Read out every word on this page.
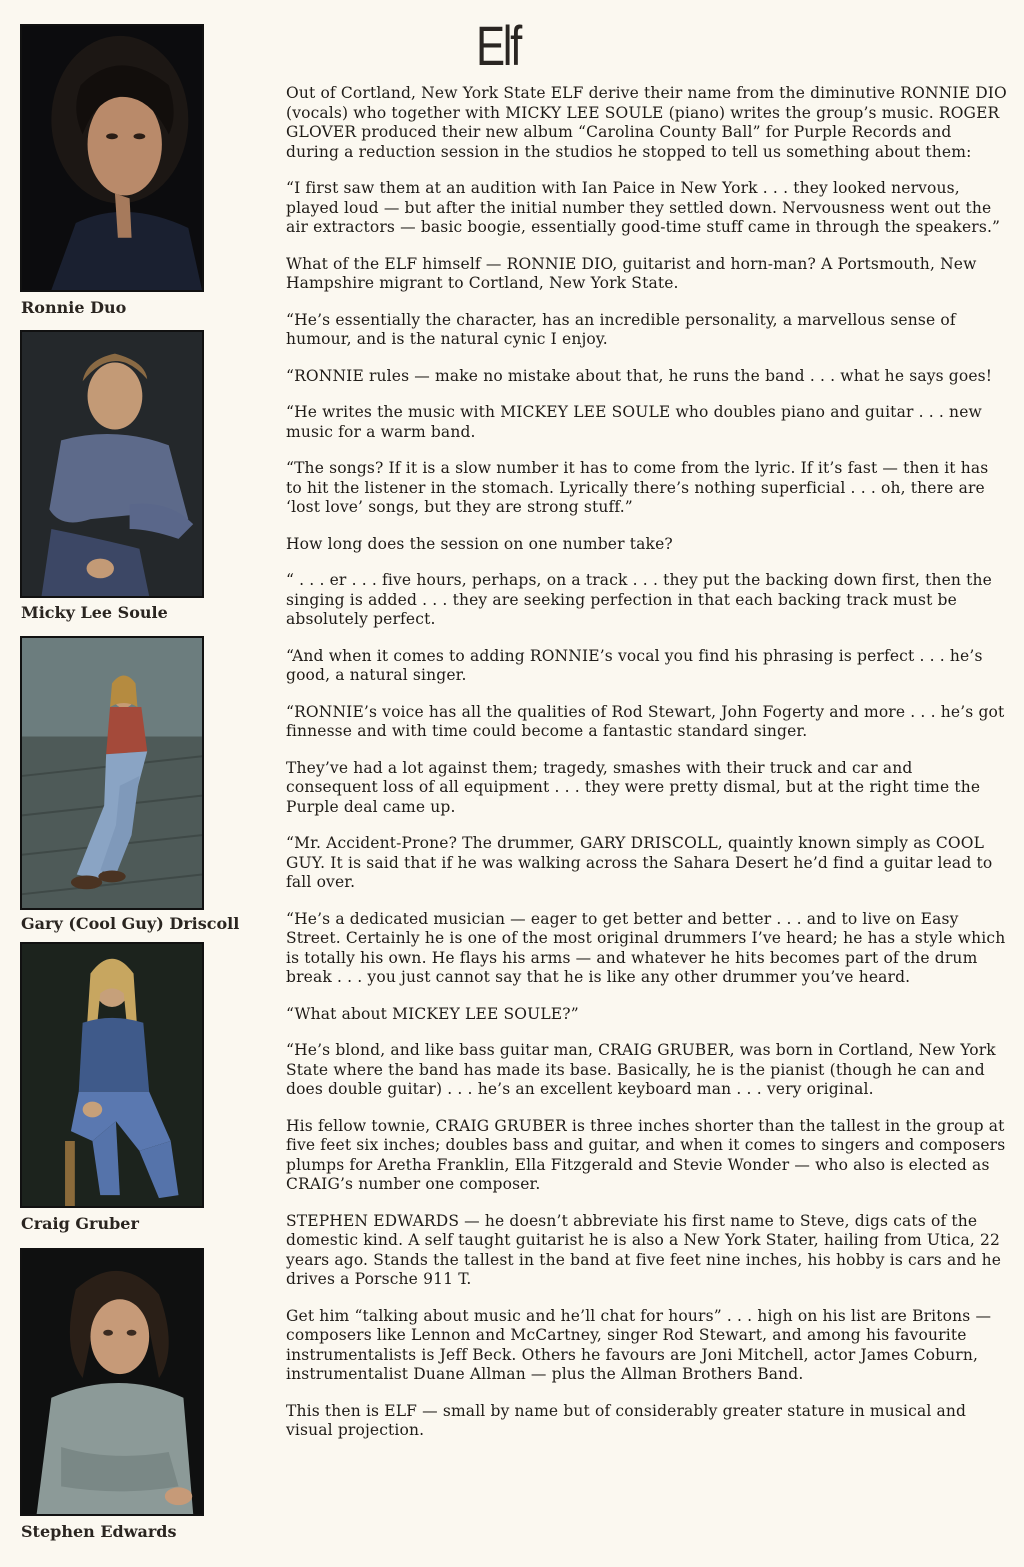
Elf
Ronnie Duo
Micky Lee Soule
Gary (Cool Guy) Driscoll
Craig Gruber
Stephen Edwards

Out of Cortland, New York State ELF derive their name from the diminutive RONNIE DIO (vocals) who together with MICKY LEE SOULE (piano) writes the group’s music. ROGER GLOVER produced their new album “Carolina County Ball” for Purple Records and during a reduction session in the studios he stopped to tell us something about them:

“I first saw them at an audition with Ian Paice in New York . . . they looked nervous, played loud — but after the initial number they settled down. Nervousness went out the air extractors — basic boogie, essentially good-time stuff came in through the speakers.”

What of the ELF himself — RONNIE DIO, guitarist and horn-man? A Portsmouth, New Hampshire migrant to Cortland, New York State.

“He’s essentially the character, has an incredible personality, a marvellous sense of humour, and is the natural cynic I enjoy.

“RONNIE rules — make no mistake about that, he runs the band . . . what he says goes!

“He writes the music with MICKEY LEE SOULE who doubles piano and guitar . . . new music for a warm band.

“The songs? If it is a slow number it has to come from the lyric. If it’s fast — then it has to hit the listener in the stomach. Lyrically there’s nothing superficial . . . oh, there are ‘lost love’ songs, but they are strong stuff.”

How long does the session on one number take?

“ . . . er . . . five hours, perhaps, on a track . . . they put the backing down first, then the singing is added . . . they are seeking perfection in that each backing track must be absolutely perfect.

“And when it comes to adding RONNIE’s vocal you find his phrasing is perfect . . . he’s good, a natural singer.

“RONNIE’s voice has all the qualities of Rod Stewart, John Fogerty and more . . . he’s got finnesse and with time could become a fantastic standard singer.

They’ve had a lot against them; tragedy, smashes with their truck and car and consequent loss of all equipment . . . they were pretty dismal, but at the right time the Purple deal came up.

“Mr. Accident-Prone? The drummer, GARY DRISCOLL, quaintly known simply as COOL GUY. It is said that if he was walking across the Sahara Desert he’d find a guitar lead to fall over.

“He’s a dedicated musician — eager to get better and better . . . and to live on Easy Street. Certainly he is one of the most original drummers I’ve heard; he has a style which is totally his own. He flays his arms — and whatever he hits becomes part of the drum break . . . you just cannot say that he is like any other drummer you’ve heard.

“What about MICKEY LEE SOULE?”

“He’s blond, and like bass guitar man, CRAIG GRUBER, was born in Cortland, New York State where the band has made its base. Basically, he is the pianist (though he can and does double guitar) . . . he’s an excellent keyboard man . . . very original.

His fellow townie, CRAIG GRUBER is three inches shorter than the tallest in the group at five feet six inches; doubles bass and guitar, and when it comes to singers and composers plumps for Aretha Franklin, Ella Fitzgerald and Stevie Wonder — who also is elected as CRAIG’s number one composer.

STEPHEN EDWARDS — he doesn’t abbreviate his first name to Steve, digs cats of the domestic kind. A self taught guitarist he is also a New York Stater, hailing from Utica, 22 years ago. Stands the tallest in the band at five feet nine inches, his hobby is cars and he drives a Porsche 911 T.

Get him “talking about music and he’ll chat for hours” . . . high on his list are Britons — composers like Lennon and McCartney, singer Rod Stewart, and among his favourite instrumentalists is Jeff Beck. Others he favours are Joni Mitchell, actor James Coburn, instrumentalist Duane Allman — plus the Allman Brothers Band.

This then is ELF — small by name but of considerably greater stature in musical and visual projection.
